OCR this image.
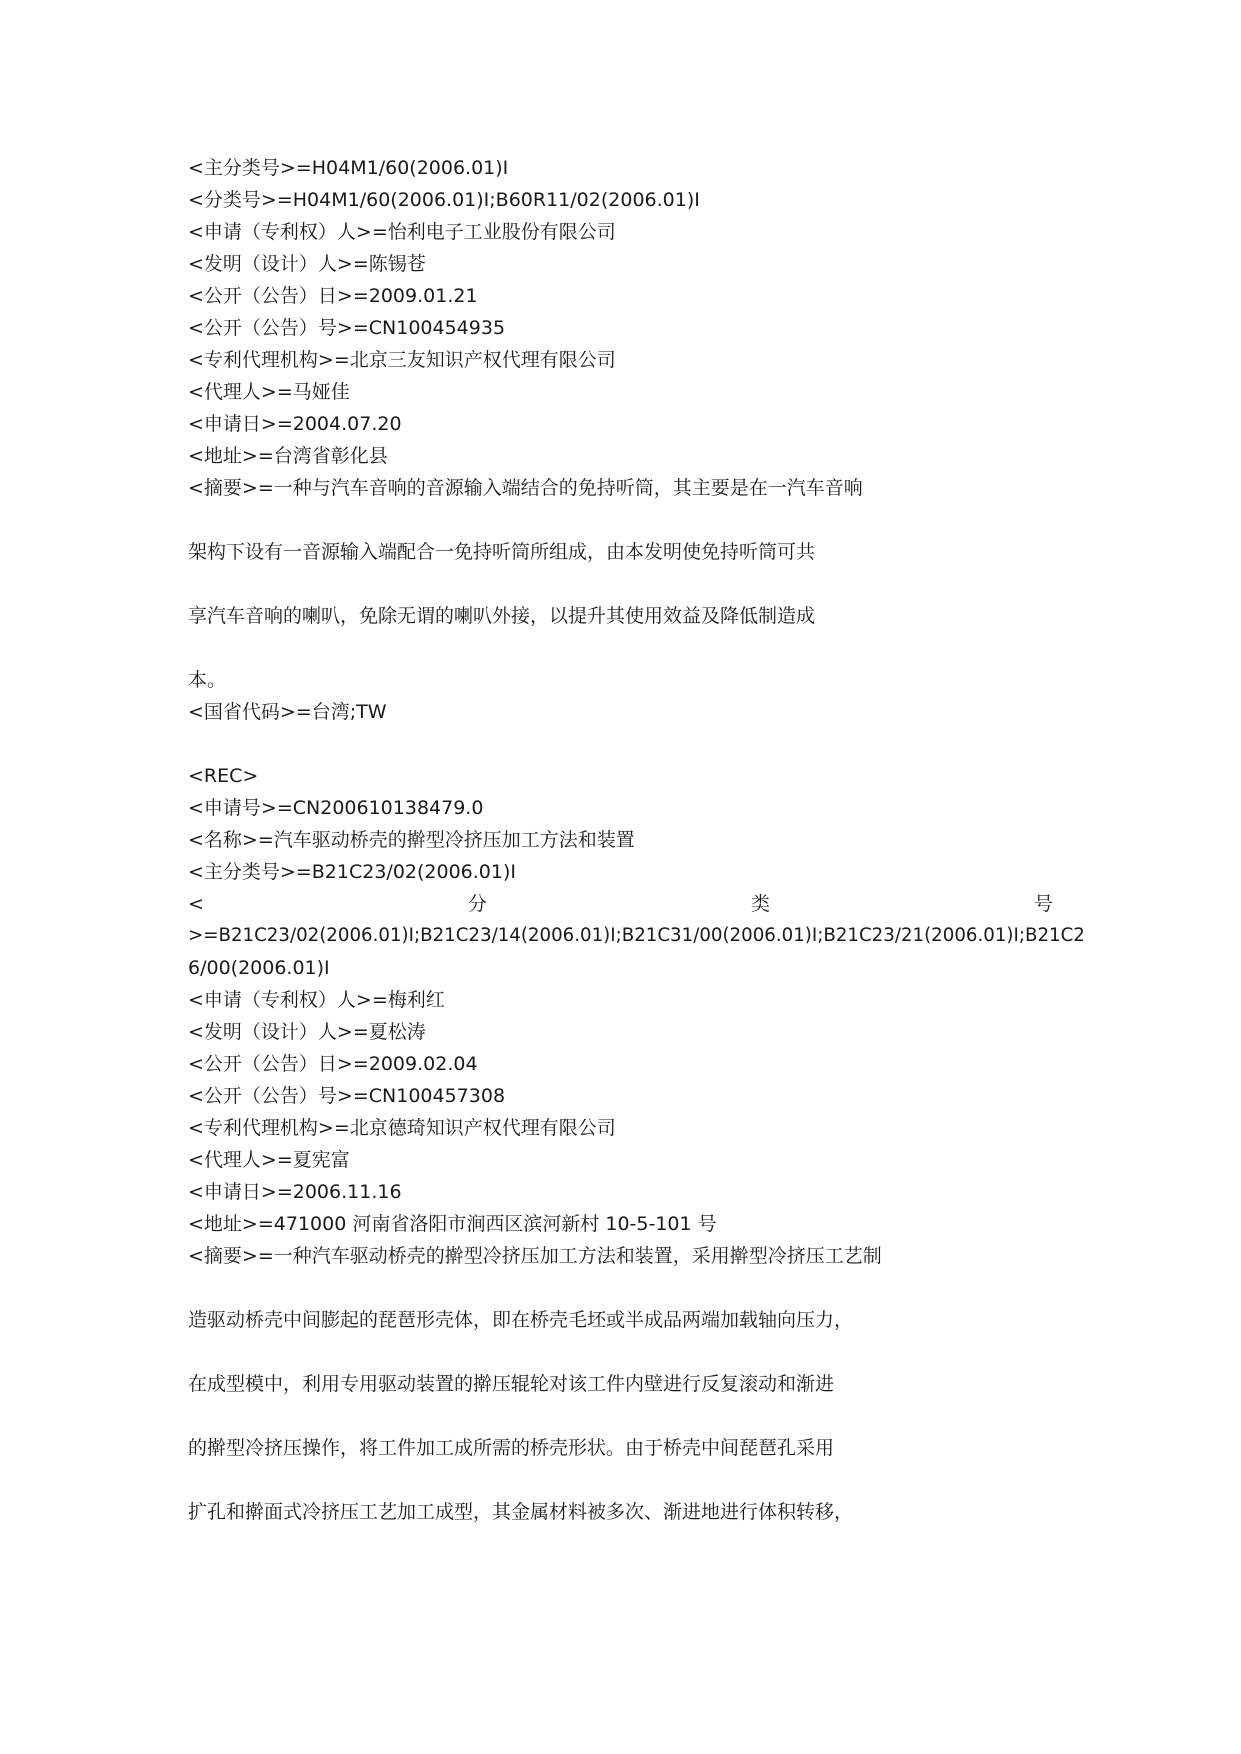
<主分类号>=H04M1/60(2006.01)I
<分类号>=H04M1/60(2006.01)I;B60R11/02(2006.01)I
<申请（专利权）人>=怡利电子工业股份有限公司
<发明（设计）人>=陈锡苍
<公开（公告）日>=2009.01.21
<公开（公告）号>=CN100454935
<专利代理机构>=北京三友知识产权代理有限公司
<代理人>=马娅佳
<申请日>=2004.07.20
<地址>=台湾省彰化县
<摘要>=一种与汽车音响的音源输入端结合的免持听筒，其主要是在一汽车音响
架构下设有一音源输入端配合一免持听筒所组成，由本发明使免持听筒可共
享汽车音响的喇叭，免除无谓的喇叭外接，以提升其使用效益及降低制造成
本。
<国省代码>=台湾;TW
<REC>
<申请号>=CN200610138479.0
<名称>=汽车驱动桥壳的擀型冷挤压加工方法和装置
<主分类号>=B21C23/02(2006.01)I
<	分	类	号
>=B21C23/02(2006.01)I;B21C23/14(2006.01)I;B21C31/00(2006.01)I;B21C23/21(2006.01)I;B21C2
6/00(2006.01)I
<申请（专利权）人>=梅利红
<发明（设计）人>=夏松涛
<公开（公告）日>=2009.02.04
<公开（公告）号>=CN100457308
<专利代理机构>=北京德琦知识产权代理有限公司
<代理人>=夏宪富
<申请日>=2006.11.16
<地址>=471000 河南省洛阳市涧西区滨河新村 10-5-101 号
<摘要>=一种汽车驱动桥壳的擀型冷挤压加工方法和装置，采用擀型冷挤压工艺制
造驱动桥壳中间膨起的琵琶形壳体，即在桥壳毛坯或半成品两端加载轴向压力，
在成型模中，利用专用驱动装置的擀压辊轮对该工件内壁进行反复滚动和渐进
的擀型冷挤压操作，将工件加工成所需的桥壳形状。由于桥壳中间琵琶孔采用
扩孔和擀面式冷挤压工艺加工成型，其金属材料被多次、渐进地进行体积转移，
